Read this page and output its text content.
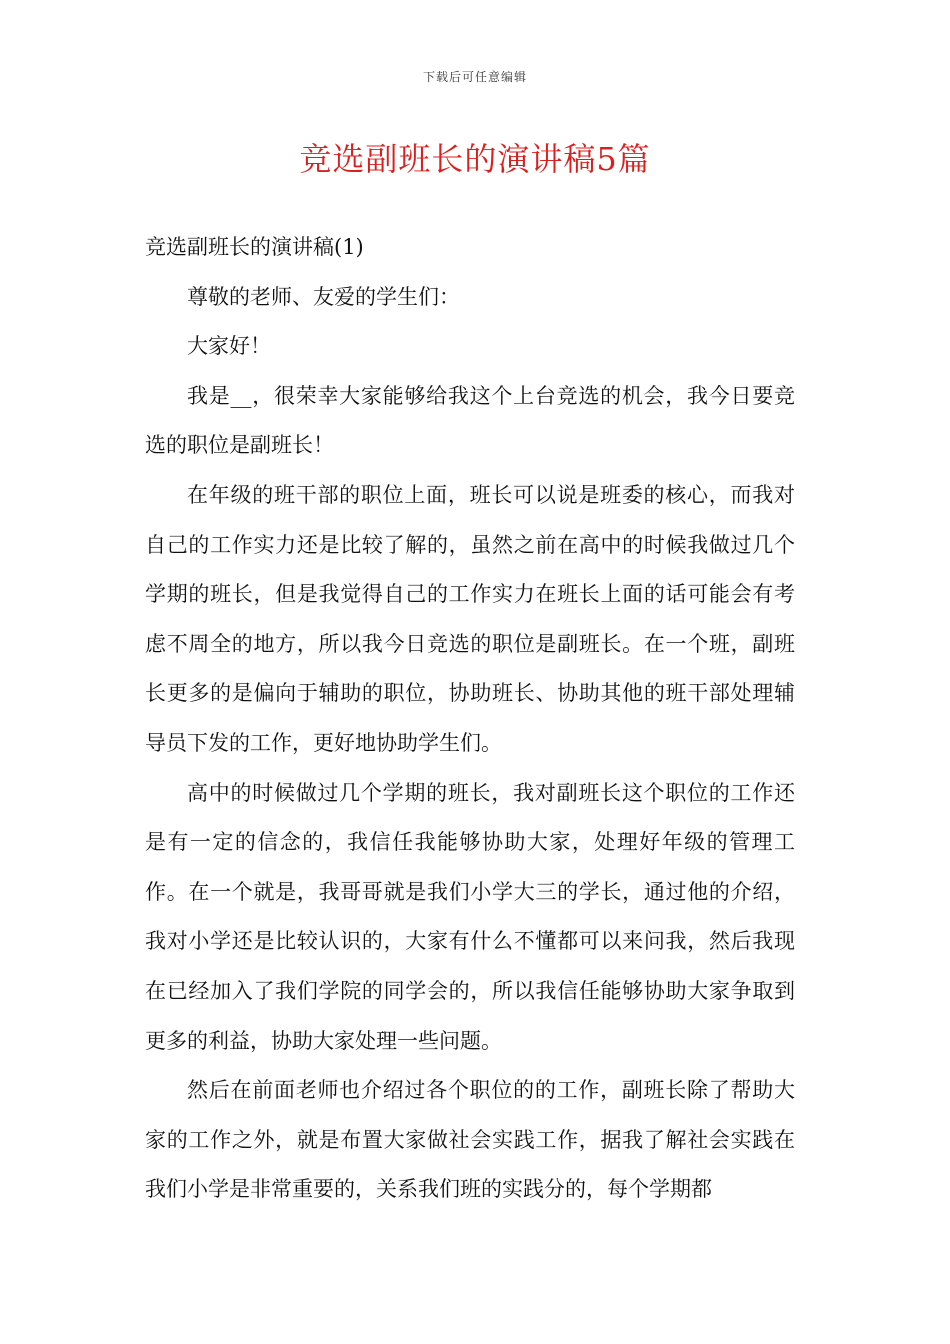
下载后可任意编辑
竞选副班长的演讲稿5篇

竞选副班长的演讲稿(1)

尊敬的老师、友爱的学生们：

大家好！

我是__，很荣幸大家能够给我这个上台竞选的机会，我今日要竞选的职位是副班长！

在年级的班干部的职位上面，班长可以说是班委的核心，而我对自己的工作实力还是比较了解的，虽然之前在高中的时候我做过几个学期的班长，但是我觉得自己的工作实力在班长上面的话可能会有考虑不周全的地方，所以我今日竞选的职位是副班长。在一个班，副班长更多的是偏向于辅助的职位，协助班长、协助其他的班干部处理辅导员下发的工作，更好地协助学生们。

高中的时候做过几个学期的班长，我对副班长这个职位的工作还是有一定的信念的，我信任我能够协助大家，处理好年级的管理工作。在一个就是，我哥哥就是我们小学大三的学长，通过他的介绍，我对小学还是比较认识的，大家有什么不懂都可以来问我，然后我现在已经加入了我们学院的同学会的，所以我信任能够协助大家争取到更多的利益，协助大家处理一些问题。

然后在前面老师也介绍过各个职位的的工作，副班长除了帮助大家的工作之外，就是布置大家做社会实践工作，据我了解社会实践在我们小学是非常重要的，关系我们班的实践分的，每个学期都
